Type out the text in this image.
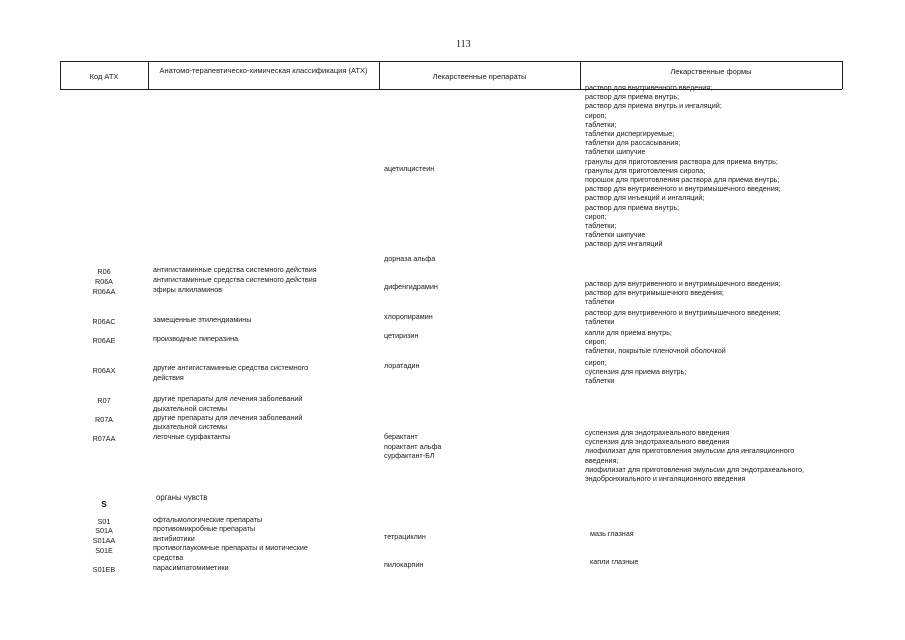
113
Код АТХ
Анатомо-терапевтическо-химическая классификация (АТХ)
Лекарственные препараты
Лекарственные формы
раствор для внутривенного введения;
раствор для приема внутрь;
раствор для приема внутрь и ингаляций;
сироп;
таблетки;
таблетки диспергируемые;
таблетки для рассасывания;
таблетки шипучие
гранулы для приготовления раствора для приема внутрь;
гранулы для приготовления сиропа;
порошок для приготовления раствора для приема внутрь;
раствор для внутривенного и внутримышечного введения;
раствор для инъекций и ингаляций;
раствор для приема внутрь;
сироп;
таблетки;
таблетки шипучие
раствор для ингаляций
ацетилцистеин
дорназа альфа
дифенгидрамин
хлоропирамин
цетиризин
лоратадин
берактант
порактант альфа
сурфактант-БЛ
тетрациклин
пилокарпин
R06
R06A
R06AA
R06AC
R06AE
R06AX
R07
R07A
R07AA
S
S01
S01A
S01AA
S01E
S01EB
антигистаминные средства системного действия
антигистаминные средства системного действия
эфиры алкиламинов
замещенные этилендиамины
производные пиперазина
другие антигистаминные средства системного
действия
другие препараты для лечения заболеваний
дыхательной системы
другие препараты для лечения заболеваний
дыхательной системы
легочные сурфактанты
органы чувств
офтальмологические препараты
противомикробные препараты
антибиотики
противоглаукомные препараты и миотические
средства
парасимпатомиметики
раствор для внутривенного и внутримышечного введения;
раствор для внутримышечного введения;
таблетки
раствор для внутривенного и внутримышечного введения;
таблетки
капли для приема внутрь;
сироп;
таблетки, покрытые пленочной оболочкой
сироп;
суспензия для приема внутрь;
таблетки
суспензия для эндотрахеального введения
суспензия для эндотрахеального введения
лиофилизат для приготовления эмульсии для ингаляционного
введения;
лиофилизат для приготовления эмульсии для эндотрахеального,
эндобронхиального и ингаляционного введения
мазь глазная
капли глазные
